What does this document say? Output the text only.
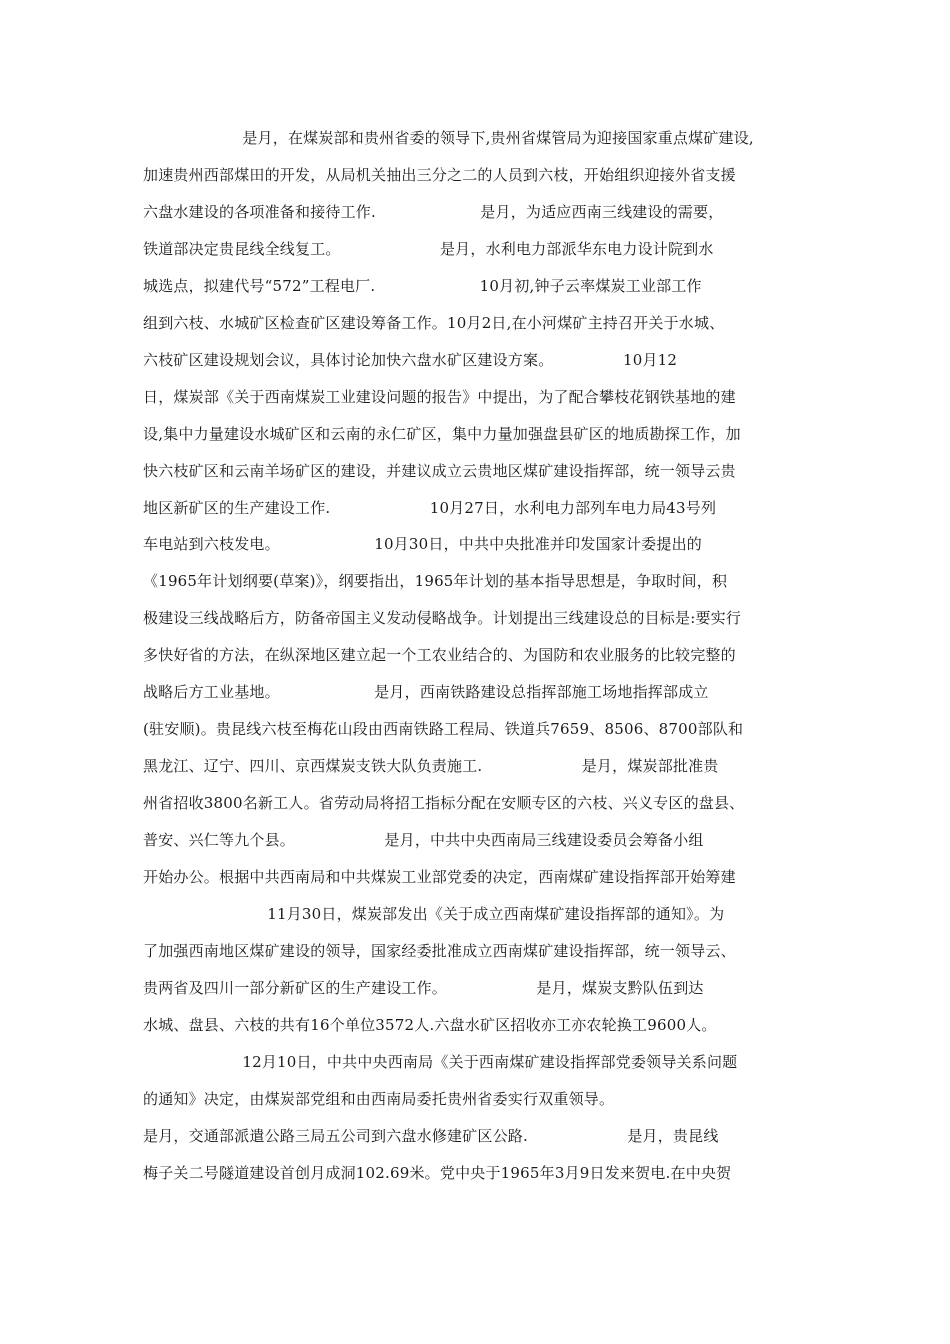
是月，在煤炭部和贵州省委的领导下,贵州省煤管局为迎接国家重点煤矿建设,
加速贵州西部煤田的开发，从局机关抽出三分之二的人员到六枝，开始组织迎接外省支援
六盘水建设的各项准备和接待工作.                     是月，为适应西南三线建设的需要，
铁道部决定贵昆线全线复工。                    是月，水利电力部派华东电力设计院到水
城选点，拟建代号“572”工程电厂.                     10月初,钟子云率煤炭工业部工作
组到六枝、水城矿区检查矿区建设筹备工作。10月2日,在小河煤矿主持召开关于水城、
六枝矿区建设规划会议，具体讨论加快六盘水矿区建设方案。              10月12
日，煤炭部《关于西南煤炭工业建设问题的报告》中提出，为了配合攀枝花钢铁基地的建
设,集中力量建设水城矿区和云南的永仁矿区，集中力量加强盘县矿区的地质勘探工作，加
快六枝矿区和云南羊场矿区的建设，并建议成立云贵地区煤矿建设指挥部，统一领导云贵
地区新矿区的生产建设工作.                    10月27日，水利电力部列车电力局43号列
车电站到六枝发电。                   10月30日，中共中央批准并印发国家计委提出的
《1965年计划纲要(草案)》，纲要指出，1965年计划的基本指导思想是，争取时间，积
极建设三线战略后方，防备帝国主义发动侵略战争。计划提出三线建设总的目标是:要实行
多快好省的方法，在纵深地区建立起一个工农业结合的、为国防和农业服务的比较完整的
战略后方工业基地。                   是月，西南铁路建设总指挥部施工场地指挥部成立
(驻安顺)。贵昆线六枝至梅花山段由西南铁路工程局、铁道兵7659、8506、8700部队和
黑龙江、辽宁、四川、京西煤炭支铁大队负责施工.                    是月，煤炭部批准贵
州省招收3800名新工人。省劳动局将招工指标分配在安顺专区的六枝、兴义专区的盘县、
普安、兴仁等九个县。                  是月，中共中央西南局三线建设委员会筹备小组
开始办公。根据中共西南局和中共煤炭工业部党委的决定，西南煤矿建设指挥部开始筹建
11月30日，煤炭部发出《关于成立西南煤矿建设指挥部的通知》。为
了加强西南地区煤矿建设的领导，国家经委批准成立西南煤矿建设指挥部，统一领导云、
贵两省及四川一部分新矿区的生产建设工作。                  是月，煤炭支黔队伍到达
水城、盘县、六枝的共有16个单位3572人.六盘水矿区招收亦工亦农轮换工9600人。
12月10日，中共中央西南局《关于西南煤矿建设指挥部党委领导关系问题
的通知》决定，由煤炭部党组和由西南局委托贵州省委实行双重领导。
是月，交通部派遣公路三局五公司到六盘水修建矿区公路.                    是月，贵昆线
梅子关二号隧道建设首创月成洞102.69米。党中央于1965年3月9日发来贺电.在中央贺
